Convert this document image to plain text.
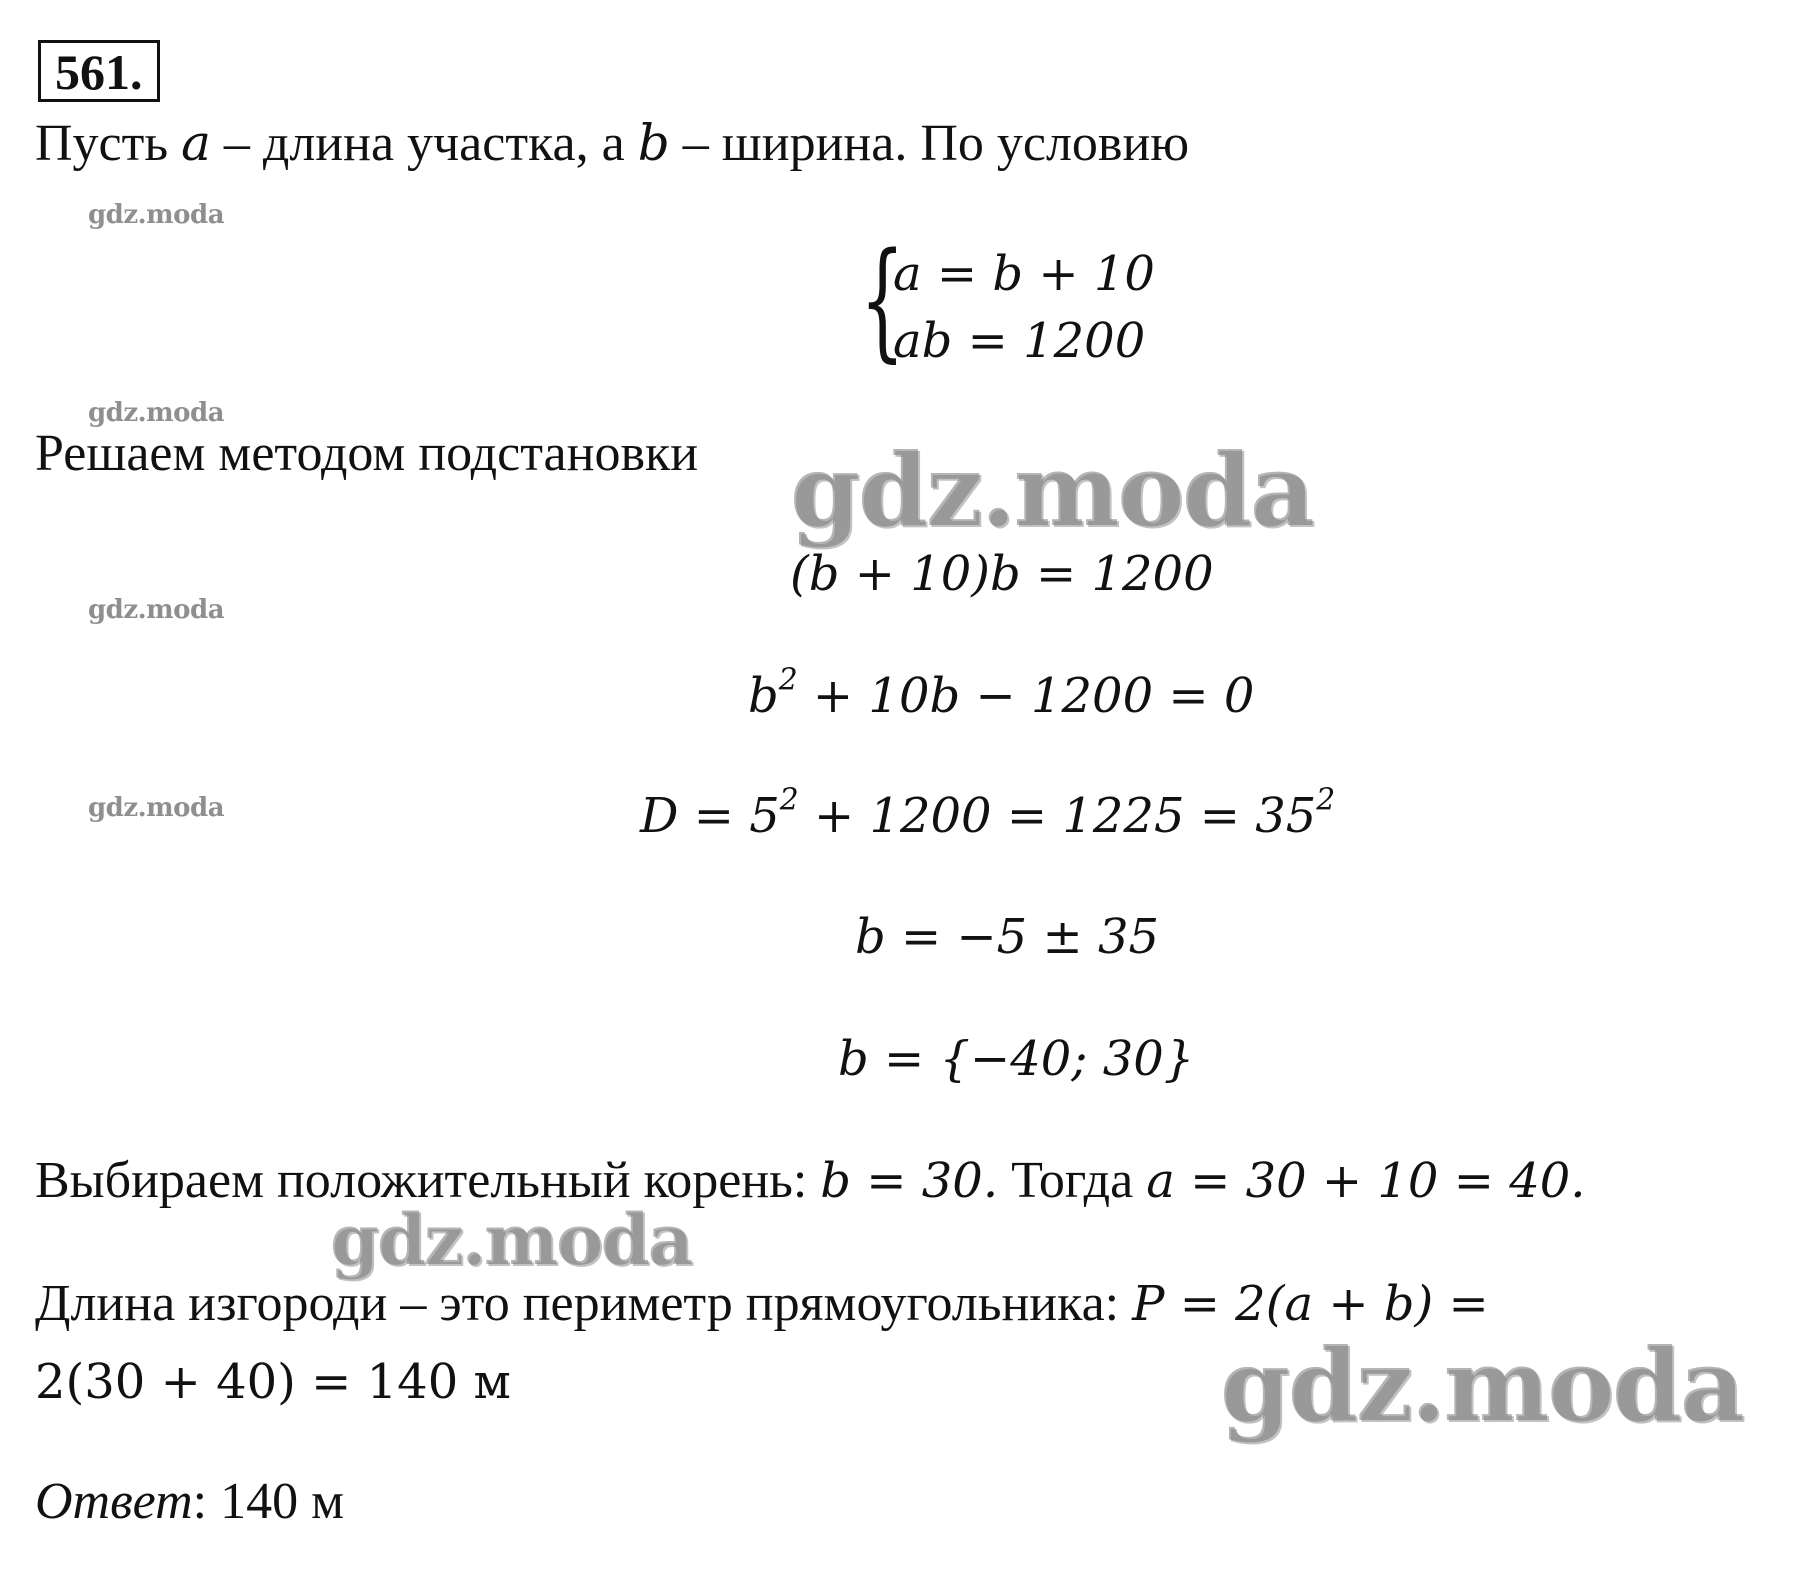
561.
Пусть a – длина участка, а b – ширина. По условию
gdz.moda
{
a = b + 10
ab = 1200
gdz.moda
Решаем методом подстановки gdz.moda
(b + 10)b = 1200
gdz.moda
$b^2 + 10b - 1200 = 0$
gdz.moda	$D = 5^2 + 1200 = 1225 = 35^2$
b = −5 ± 35
b = {−40; 30}
Выбираем положительный корень: b = 30. Тогда a = 30 + 10 = 40.
gdz.moda
Длина изгороди – это периметр прямоугольника: P = 2(a + b) =
2(30 + 40) = 140 м	gdz.moda
Ответ: 140 м
